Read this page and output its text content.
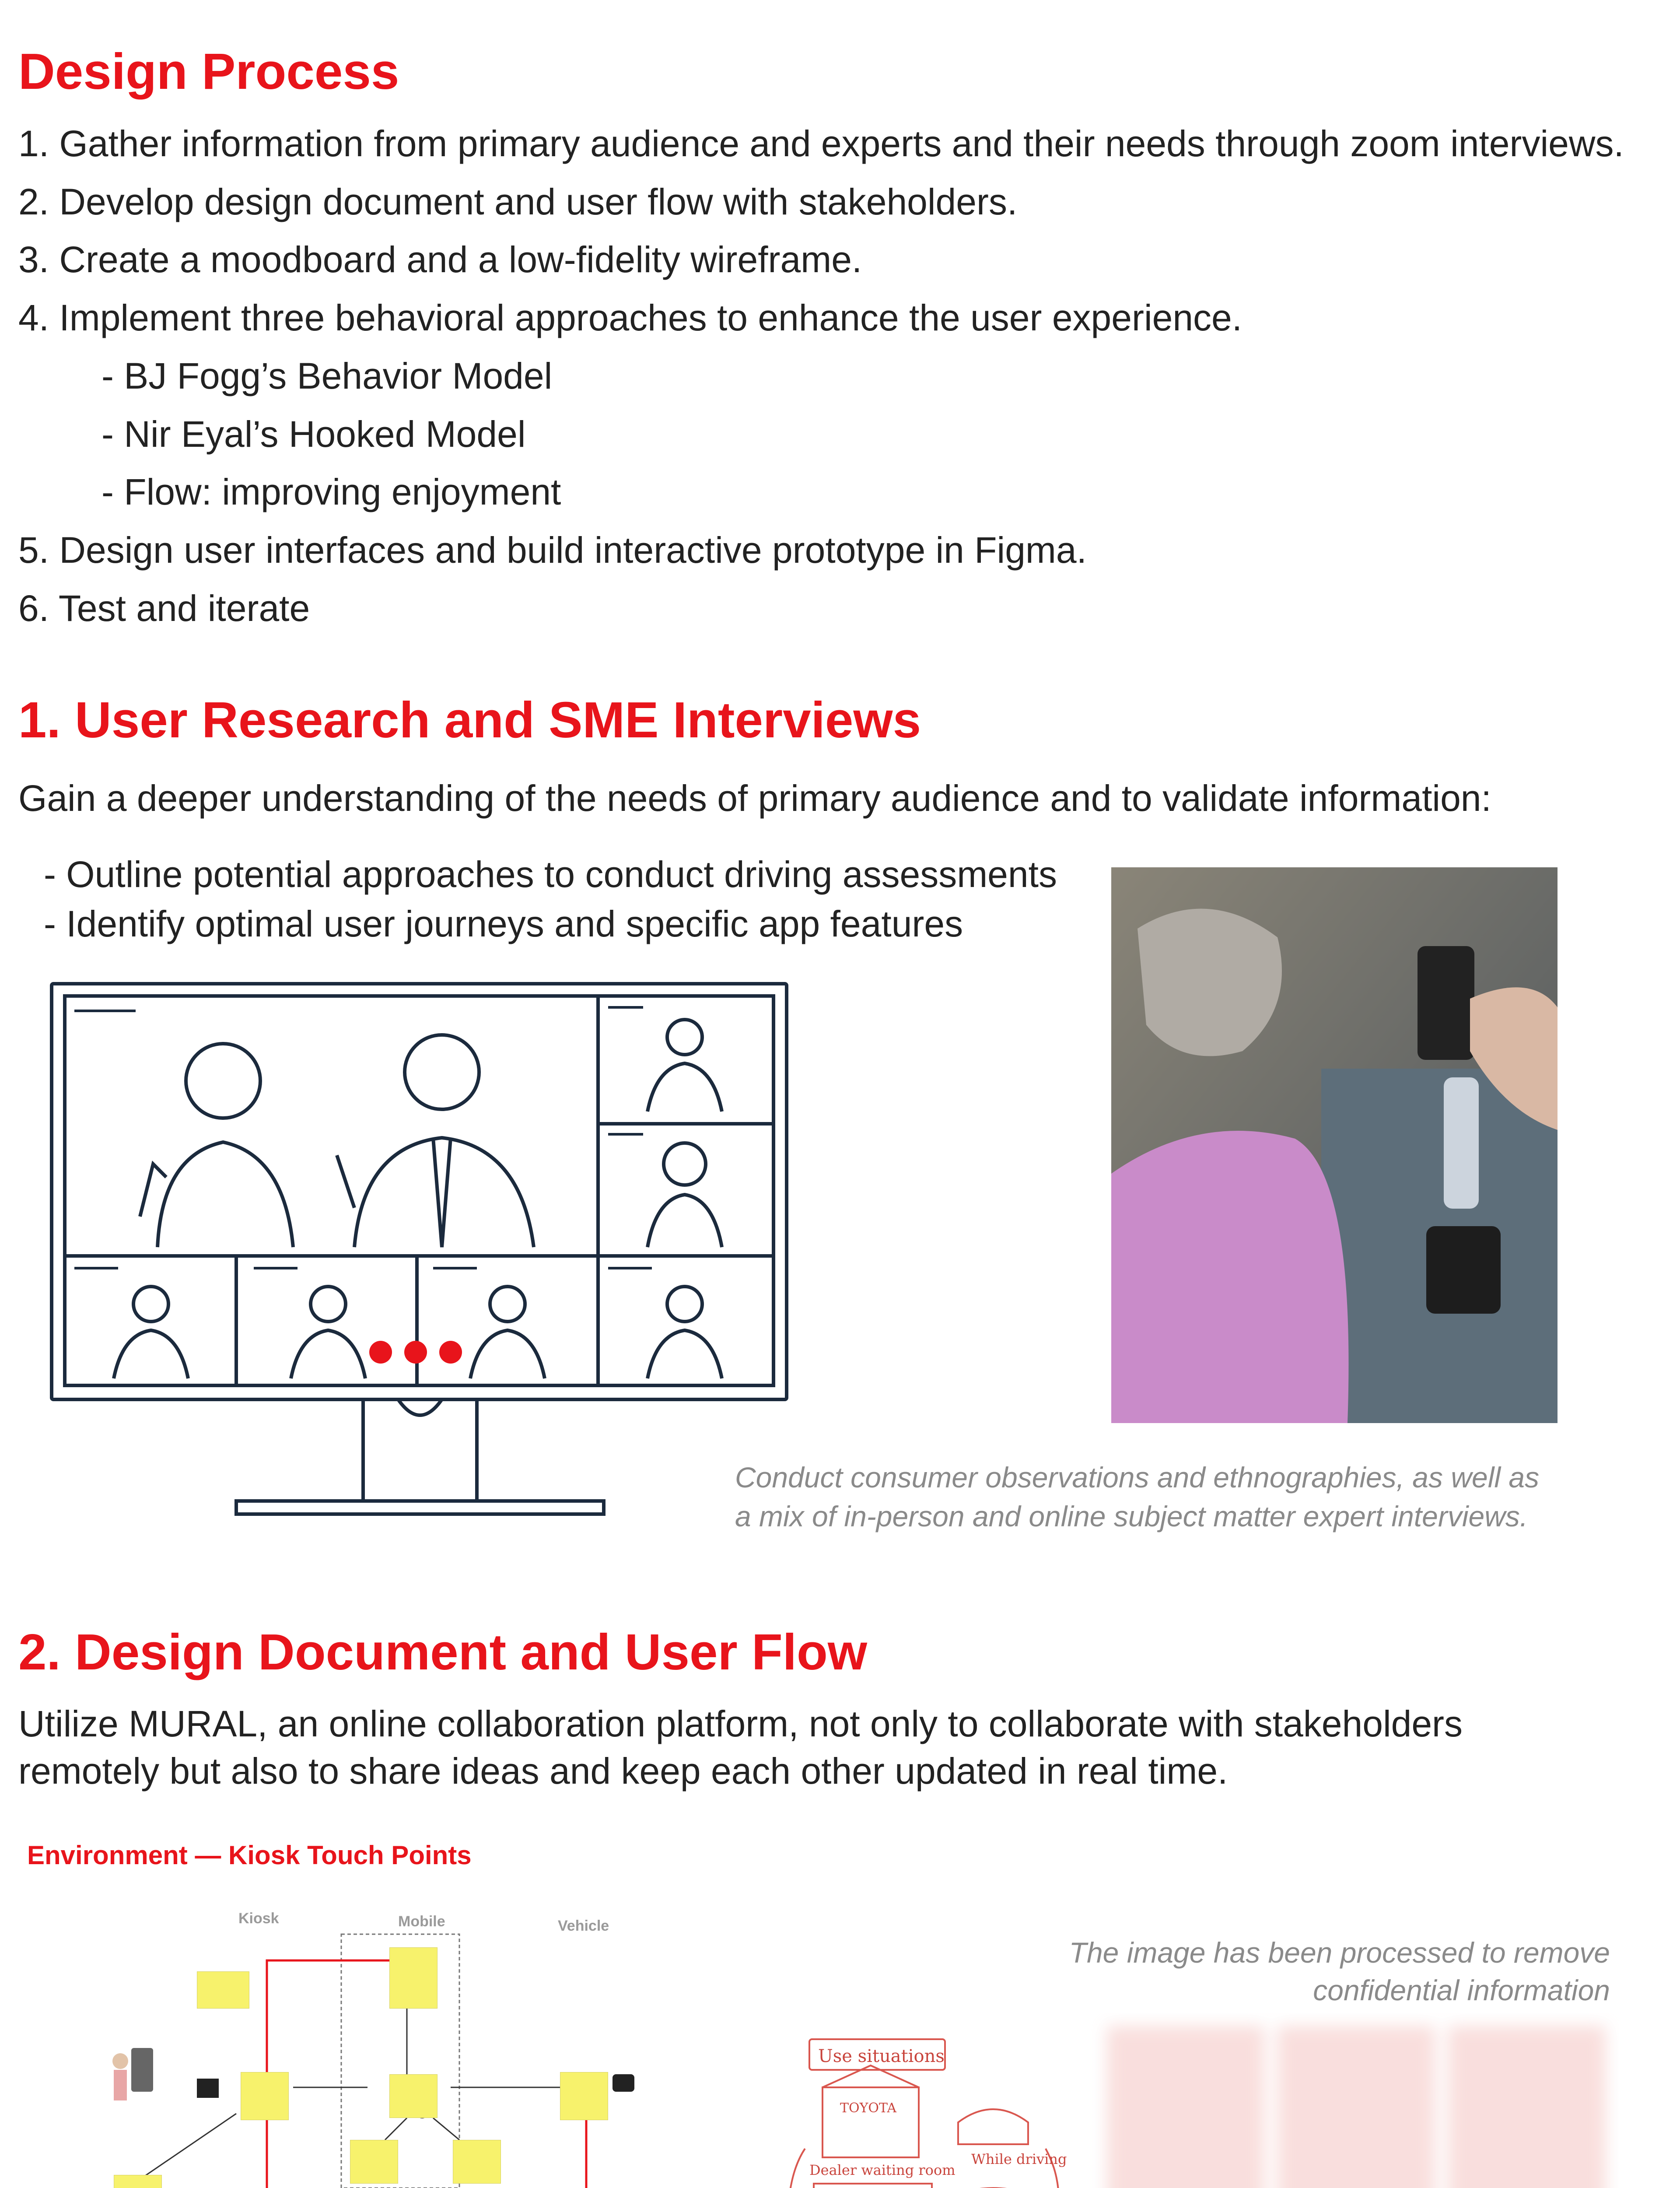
Design Process
1. Gather information from primary audience and experts and their needs through zoom interviews.
2. Develop design document and user flow with stakeholders.
3. Create a moodboard and a low-fidelity wireframe.
4. Implement three behavioral approaches to enhance the user experience.
- BJ Fogg’s Behavior Model
- Nir Eyal’s Hooked Model
- Flow: improving enjoyment
5. Design user interfaces and build interactive prototype in Figma.
6. Test and iterate
1. User Research and SME Interviews
Gain a deeper understanding of the needs of primary audience and to validate information:
- Outline potential approaches to conduct driving assessments
- Identify optimal user journeys and specific app features
Conduct consumer observations and ethnographies, as well as
a mix of in-person and online subject matter expert interviews.
2. Design Document and User Flow
Utilize MURAL, an online collaboration platform, not only to collaborate with stakeholders
remotely but also to share ideas and keep each other updated in real time.
Environment — Kiosk Touch Points
Kiosk	Mobile	Vehicle
The image has been processed to remove
confidential information
Use situations
TOYOTA
Dealer waiting room
While driving
